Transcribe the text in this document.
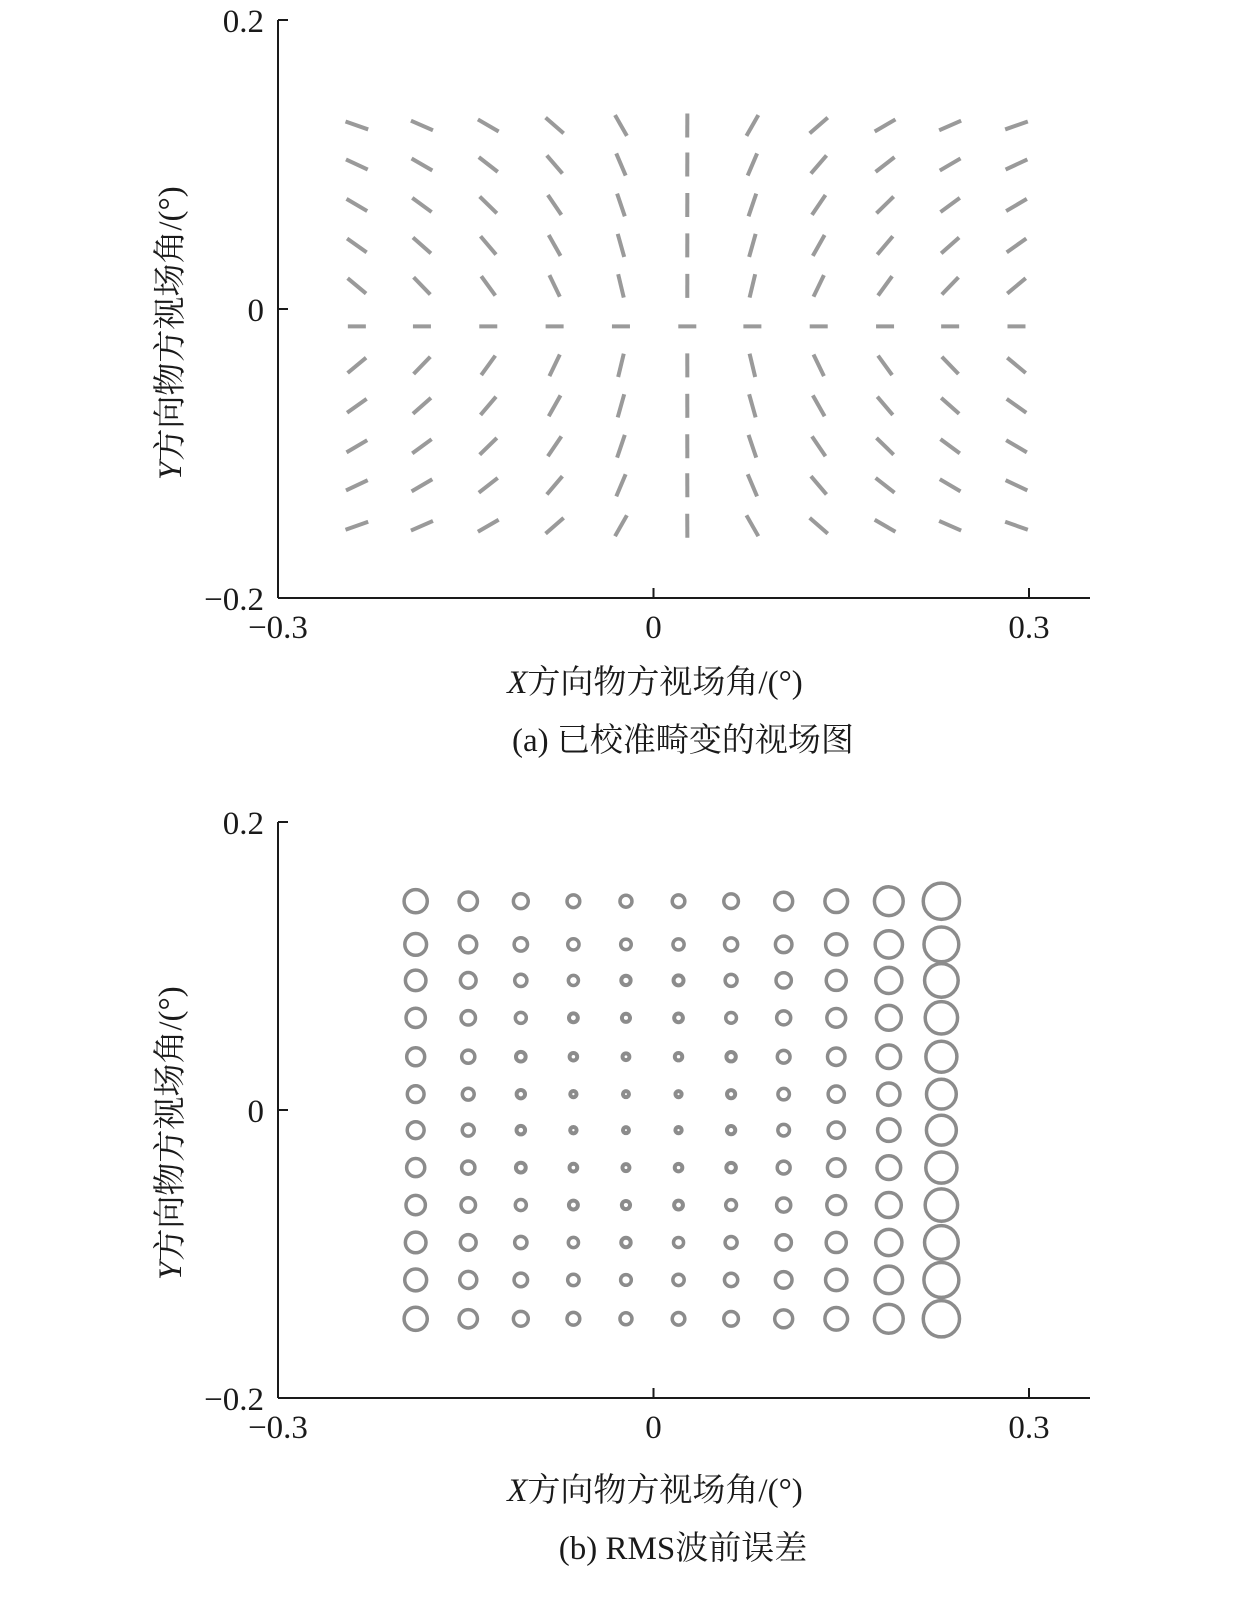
−0.3	0	0.3
−0.2
0
0.2
X方向物方视场角/(°)
Y方向物方视场角/(°)
(a) 已校准畸变的视场图
−0.3	0	0.3
−0.2
0
0.2
X方向物方视场角/(°)
Y方向物方视场角/(°)
(b) RMS波前误差
